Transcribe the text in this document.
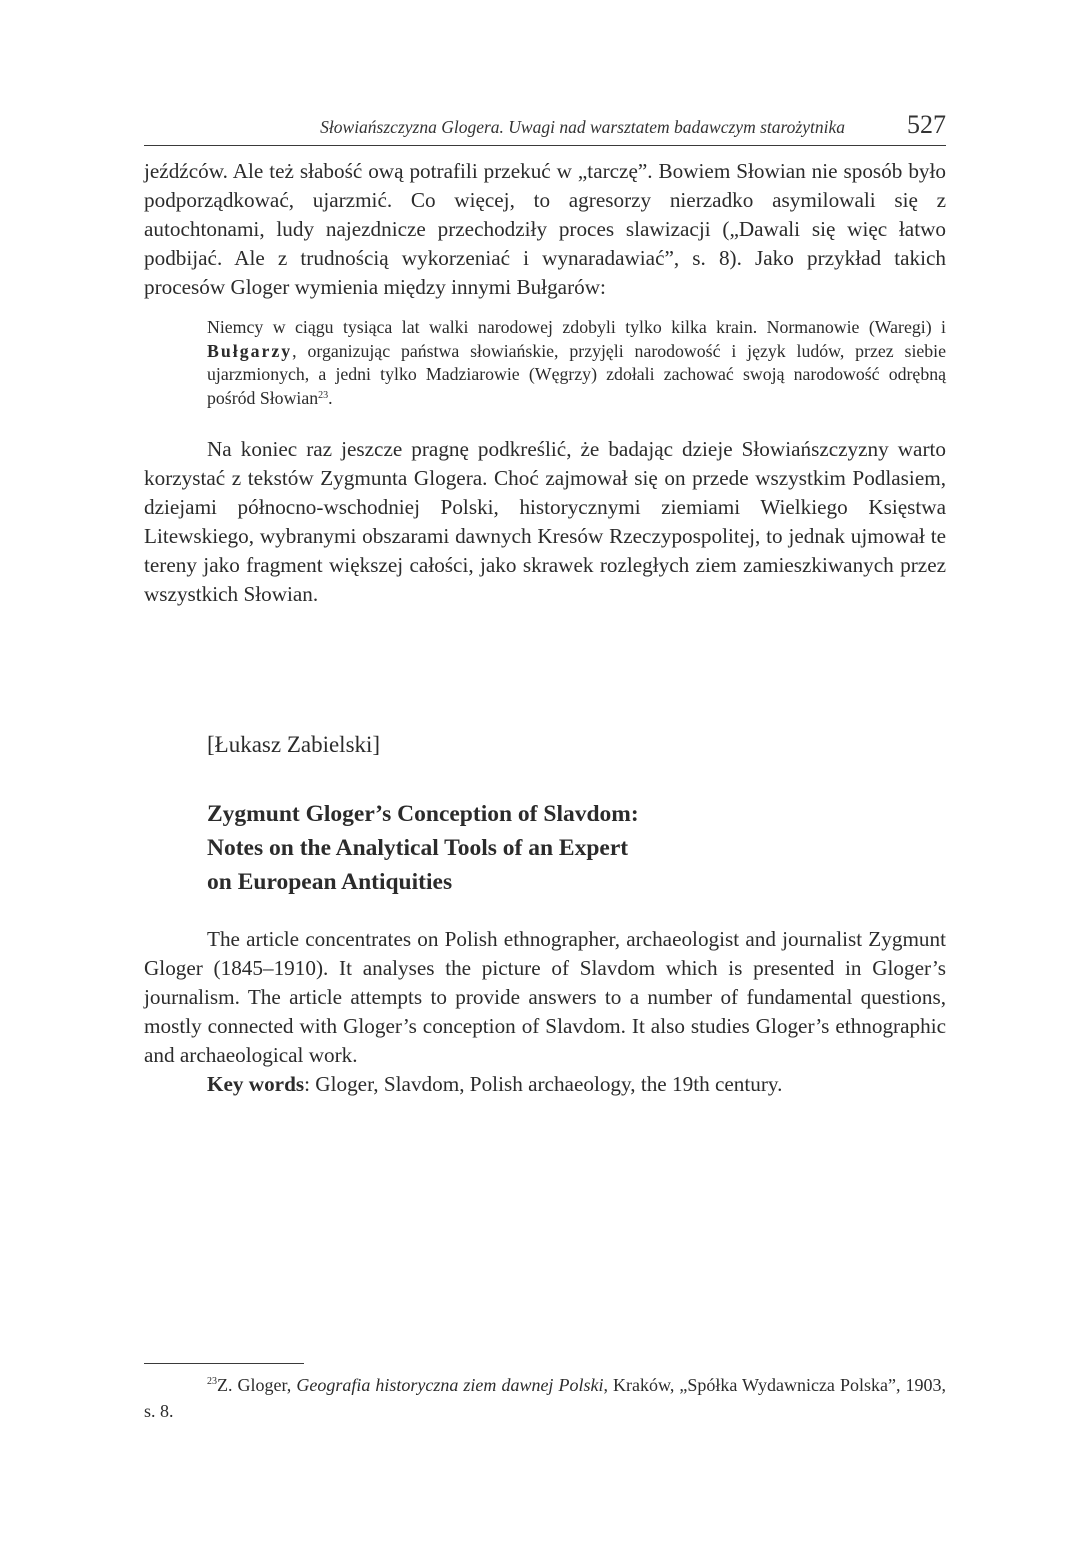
Słowiańszczyzna Glogera. Uwagi nad warsztatem badawczym starożytnika 527

jeźdźców. Ale też słabość ową potrafili przekuć w „tarczę”. Bowiem Słowian nie sposób było podporządkować, ujarzmić. Co więcej, to agresorzy nierzadko asymilowali się z autochtonami, ludy najezdnicze przechodziły proces slawizacji („Dawali się więc łatwo podbijać. Ale z trudnością wykorzeniać i wynaradawiać”, s. 8). Jako przykład takich procesów Gloger wymienia między innymi Bułgarów:

Niemcy w ciągu tysiąca lat walki narodowej zdobyli tylko kilka krain. Normanowie (Waregi) i Bułgarzy, organizując państwa słowiańskie, przyjęli narodowość i język ludów, przez siebie ujarzmionych, a jedni tylko Madziarowie (Węgrzy) zdołali zachować swoją narodowość odrębną pośród Słowian$^{23}$.

Na koniec raz jeszcze pragnę podkreślić, że badając dzieje Słowiańszczyzny warto korzystać z tekstów Zygmunta Glogera. Choć zajmował się on przede wszystkim Podlasiem, dziejami północno-wschodniej Polski, historycznymi ziemiami Wielkiego Księstwa Litewskiego, wybranymi obszarami dawnych Kresów Rzeczypospolitej, to jednak ujmował te tereny jako fragment większej całości, jako skrawek rozległych ziem zamieszkiwanych przez wszystkich Słowian.

[Łukasz Zabielski]
Zygmunt Gloger’s Conception of Slavdom:
Notes on the Analytical Tools of an Expert
on European Antiquities

The article concentrates on Polish ethnographer, archaeologist and journalist Zygmunt Gloger (1845–1910). It analyses the picture of Slavdom which is presented in Gloger’s journalism. The article attempts to provide answers to a number of fundamental questions, mostly connected with Gloger’s conception of Slavdom. It also studies Gloger’s ethnographic and archaeological work.

Key words: Gloger, Slavdom, Polish archaeology, the 19th century.

$^{23}$Z. Gloger, Geografia historyczna ziem dawnej Polski, Kraków, „Spółka Wydawnicza Polska”, 1903, s. 8.
